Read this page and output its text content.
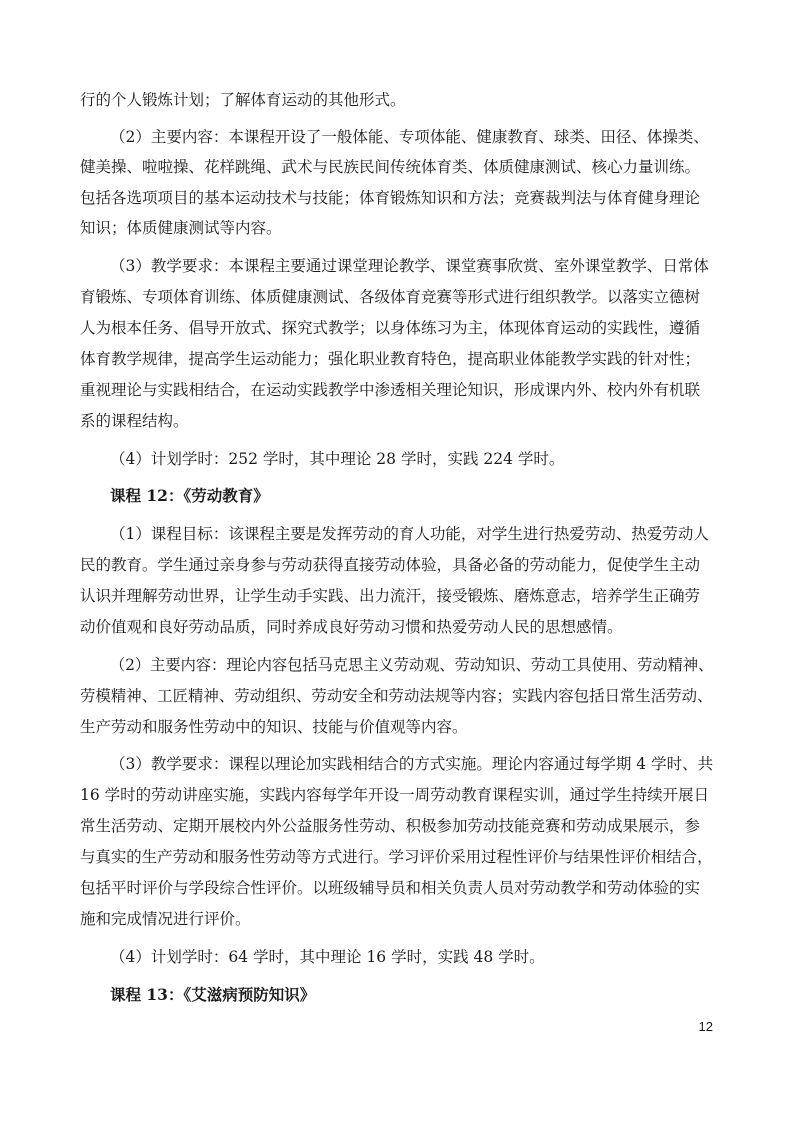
行的个人锻炼计划；了解体育运动的其他形式。
（2）主要内容：本课程开设了一般体能、专项体能、健康教育、球类、田径、体操类、
健美操、啦啦操、花样跳绳、武术与民族民间传统体育类、体质健康测试、核心力量训练。
包括各选项项目的基本运动技术与技能；体育锻炼知识和方法；竞赛裁判法与体育健身理论
知识；体质健康测试等内容。
（3）教学要求：本课程主要通过课堂理论教学、课堂赛事欣赏、室外课堂教学、日常体
育锻炼、专项体育训练、体质健康测试、各级体育竞赛等形式进行组织教学。以落实立德树
人为根本任务、倡导开放式、探究式教学；以身体练习为主，体现体育运动的实践性，遵循
体育教学规律，提高学生运动能力；强化职业教育特色，提高职业体能教学实践的针对性；
重视理论与实践相结合，在运动实践教学中渗透相关理论知识，形成课内外、校内外有机联
系的课程结构。
（4）计划学时：252 学时，其中理论 28 学时，实践 224 学时。
课程 12：《劳动教育》
（1）课程目标：该课程主要是发挥劳动的育人功能，对学生进行热爱劳动、热爱劳动人
民的教育。学生通过亲身参与劳动获得直接劳动体验，具备必备的劳动能力，促使学生主动
认识并理解劳动世界，让学生动手实践、出力流汗，接受锻炼、磨炼意志，培养学生正确劳
动价值观和良好劳动品质，同时养成良好劳动习惯和热爱劳动人民的思想感情。
（2）主要内容：理论内容包括马克思主义劳动观、劳动知识、劳动工具使用、劳动精神、
劳模精神、工匠精神、劳动组织、劳动安全和劳动法规等内容；实践内容包括日常生活劳动、
生产劳动和服务性劳动中的知识、技能与价值观等内容。
（3）教学要求：课程以理论加实践相结合的方式实施。理论内容通过每学期 4 学时、共
16 学时的劳动讲座实施，实践内容每学年开设一周劳动教育课程实训，通过学生持续开展日
常生活劳动、定期开展校内外公益服务性劳动、积极参加劳动技能竞赛和劳动成果展示，参
与真实的生产劳动和服务性劳动等方式进行。学习评价采用过程性评价与结果性评价相结合，
包括平时评价与学段综合性评价。以班级辅导员和相关负责人员对劳动教学和劳动体验的实
施和完成情况进行评价。
（4）计划学时：64 学时，其中理论 16 学时，实践 48 学时。
课程 13：《艾滋病预防知识》
12
